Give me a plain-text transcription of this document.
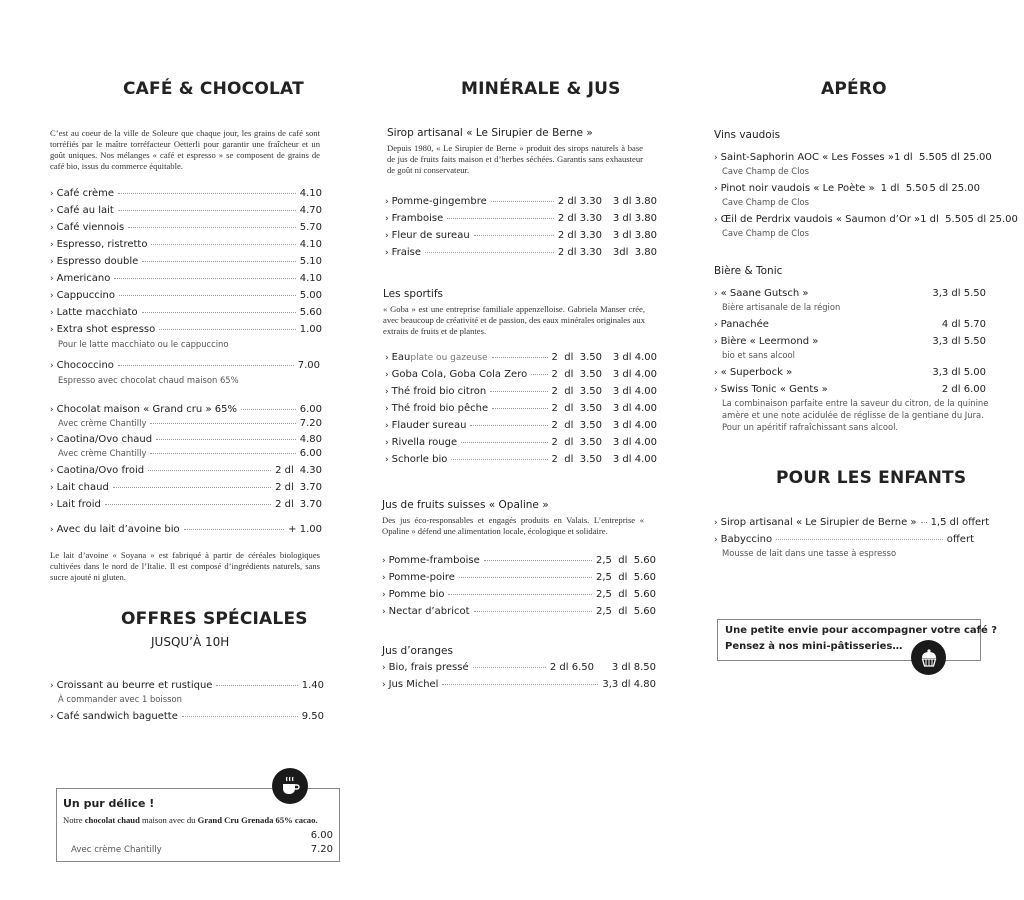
CAFÉ & CHOCOLAT
C’est au coeur de la ville de Soleure que chaque jour, les grains de café sont torréfiés par le maître torréfacteur Oetterli pour garantir une fraîcheur et un goût uniques. Nos mélanges « café et espresso » se composent de grains de café bio, issus du commerce équitable.
› Café crème	4.10
› Café au lait	4.70
› Café viennois	5.70
› Espresso, ristretto	4.10
› Espresso double	5.10
› Americano	4.10
› Cappuccino	5.00
› Latte macchiato	5.60
› Extra shot espresso	1.00
Pour le latte macchiato ou le cappuccino
› Chococcino	7.00
Espresso avec chocolat chaud maison 65%
› Chocolat maison « Grand cru » 65%	6.00
Avec crème Chantilly	7.20
› Caotina/Ovo chaud	4.80
Avec crème Chantilly	6.00
› Caotina/Ovo froid	2 dl 4.30
› Lait chaud	2 dl 3.70
› Lait froid	2 dl 3.70
› Avec du lait d’avoine bio	+ 1.00
Le lait d’avoine « Soyana » est fabriqué à partir de céréales biologiques cultivées dans le nord de l’Italie. Il est composé d’ingrédients naturels, sans sucre ajouté ni gluten.
OFFRES SPÉCIALES
JUSQU’À 10H
› Croissant au beurre et rustique	1.40
À commander avec 1 boisson
› Café sandwich baguette	9.50
Un pur délice !
Notre chocolat chaud maison avec du Grand Cru Grenada 65% cacao.
6.00
Avec crème Chantilly	7.20
MINÉRALE & JUS
Sirop artisanal « Le Sirupier de Berne »
Depuis 1980, « Le Sirupier de Berne » produit des sirops naturels à base de jus de fruits faits maison et d’herbes séchées. Garantis sans exhausteur de goût ni conservateur.
› Pomme-gingembre	2 dl 3.30	3 dl 3.80
› Framboise	2 dl 3.30	3 dl 3.80
› Fleur de sureau	2 dl 3.30	3 dl 3.80
› Fraise	2 dl 3.30	3dl  3.80
Les sportifs
« Goba » est une entreprise familiale appenzelloise. Gabriela Manser crée, avec beaucoup de créativité et de passion, des eaux minérales originales aux extraits de fruits et de plantes.
› Eau plate ou gazeuse	2  dl  3.50	3 dl 4.00
› Goba Cola, Goba Cola Zero 2  dl  3.50	3 dl 4.00
› Thé froid bio citron	2  dl  3.50	3 dl 4.00
› Thé froid bio pêche	2  dl  3.50	3 dl 4.00
› Flauder sureau	2  dl  3.50	3 dl 4.00
› Rivella rouge	2  dl  3.50	3 dl 4.00
› Schorle bio	2  dl  3.50	3 dl 4.00
Jus de fruits suisses « Opaline »
Des jus éco-responsables et engagés produits en Valais. L’entreprise « Opaline » défend une alimentation locale, écologique et solidaire.
› Pomme-framboise	2,5  dl  5.60
› Pomme-poire	2,5  dl  5.60
› Pomme bio	2,5  dl  5.60
› Nectar d’abricot	2,5  dl  5.60
Jus d’oranges
› Bio, frais pressé	2 dl 6.50	3 dl 8.50
› Jus Michel	3,3 dl 4.80
APÉRO
Vins vaudois
› Saint-Saphorin AOC « Les Fosses » 1 dl  5.50 5 dl 25.00
Cave Champ de Clos
› Pinot noir vaudois « Le Poète » 1 dl  5.50 5 dl 25.00
Cave Champ de Clos
› Œil de Perdrix vaudois « Saumon d’Or » 1 dl  5.50 5 dl 25.00
Cave Champ de Clos
Bière & Tonic
› « Saane Gutsch »	3,3 dl 5.50
Bière artisanale de la région
› Panachée	4 dl 5.70
› Bière « Leermond »	3,3 dl 5.50
bio et sans alcool
› « Superbock »	3,3 dl 5.00
› Swiss Tonic « Gents »	2 dl 6.00
La combinaison parfaite entre la saveur du citron, de la quinine
amère et une note acidulée de réglisse de la gentiane du Jura.
Pour un apéritif rafraîchissant sans alcool.
POUR LES ENFANTS
› Sirop artisanal « Le Sirupier de Berne » 1,5 dl offert
› Babyccino	offert
Mousse de lait dans une tasse à espresso
Une petite envie pour accompagner votre café ?
Pensez à nos mini-pâtisseries…
